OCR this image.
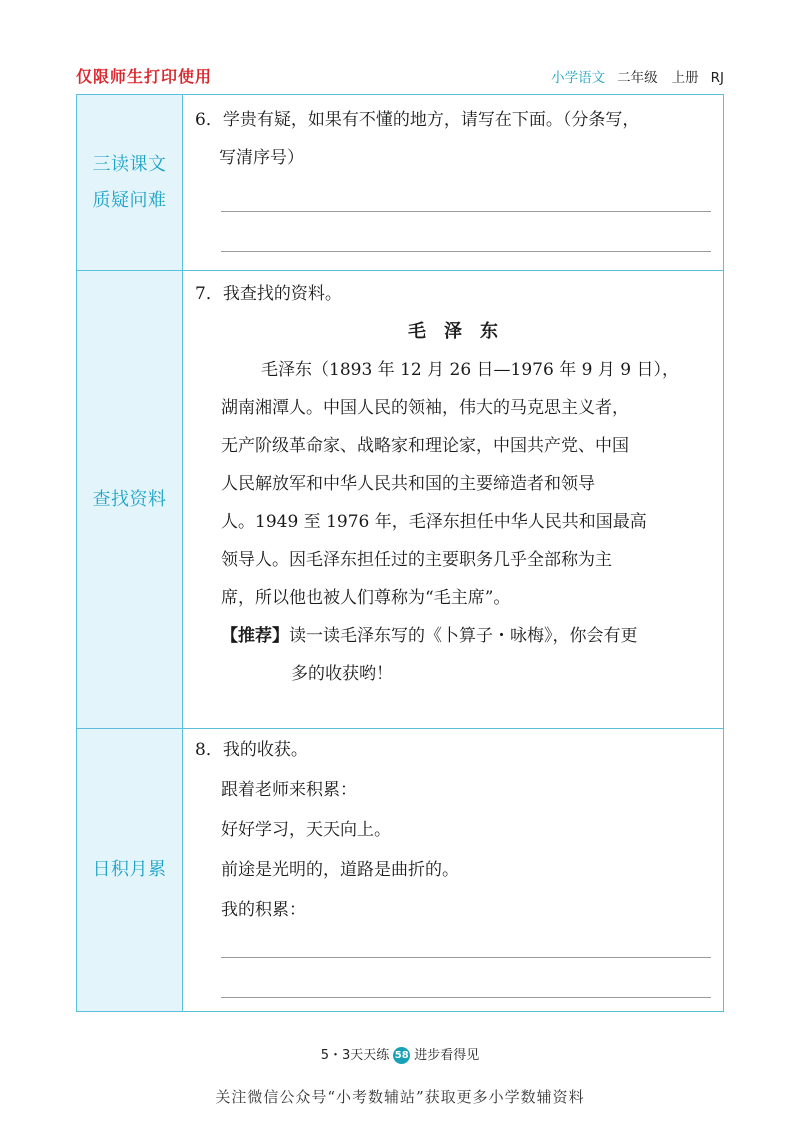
仅限师生打印使用	小学语文 二年级 上册 RJ
三读课文
质疑问难
6．学贵有疑，如果有不懂的地方，请写在下面。（分条写，
写清序号）
查找资料
7．我查找的资料。
毛　泽　东
毛泽东（1893 年 12 月 26 日—1976 年 9 月 9 日），
湖南湘潭人。中国人民的领袖，伟大的马克思主义者，
无产阶级革命家、战略家和理论家，中国共产党、中国
人民解放军和中华人民共和国的主要缔造者和领导
人。1949 至 1976 年，毛泽东担任中华人民共和国最高
领导人。因毛泽东担任过的主要职务几乎全部称为主
席，所以他也被人们尊称为“毛主席”。
【推荐】读一读毛泽东写的《卜算子・咏梅》，你会有更
多的收获哟！
日积月累
8．我的收获。
跟着老师来积累：
好好学习，天天向上。
前途是光明的，道路是曲折的。
我的积累：
5・3天天练 58 进步看得见
关注微信公众号“小考数辅站”获取更多小学数辅资料
